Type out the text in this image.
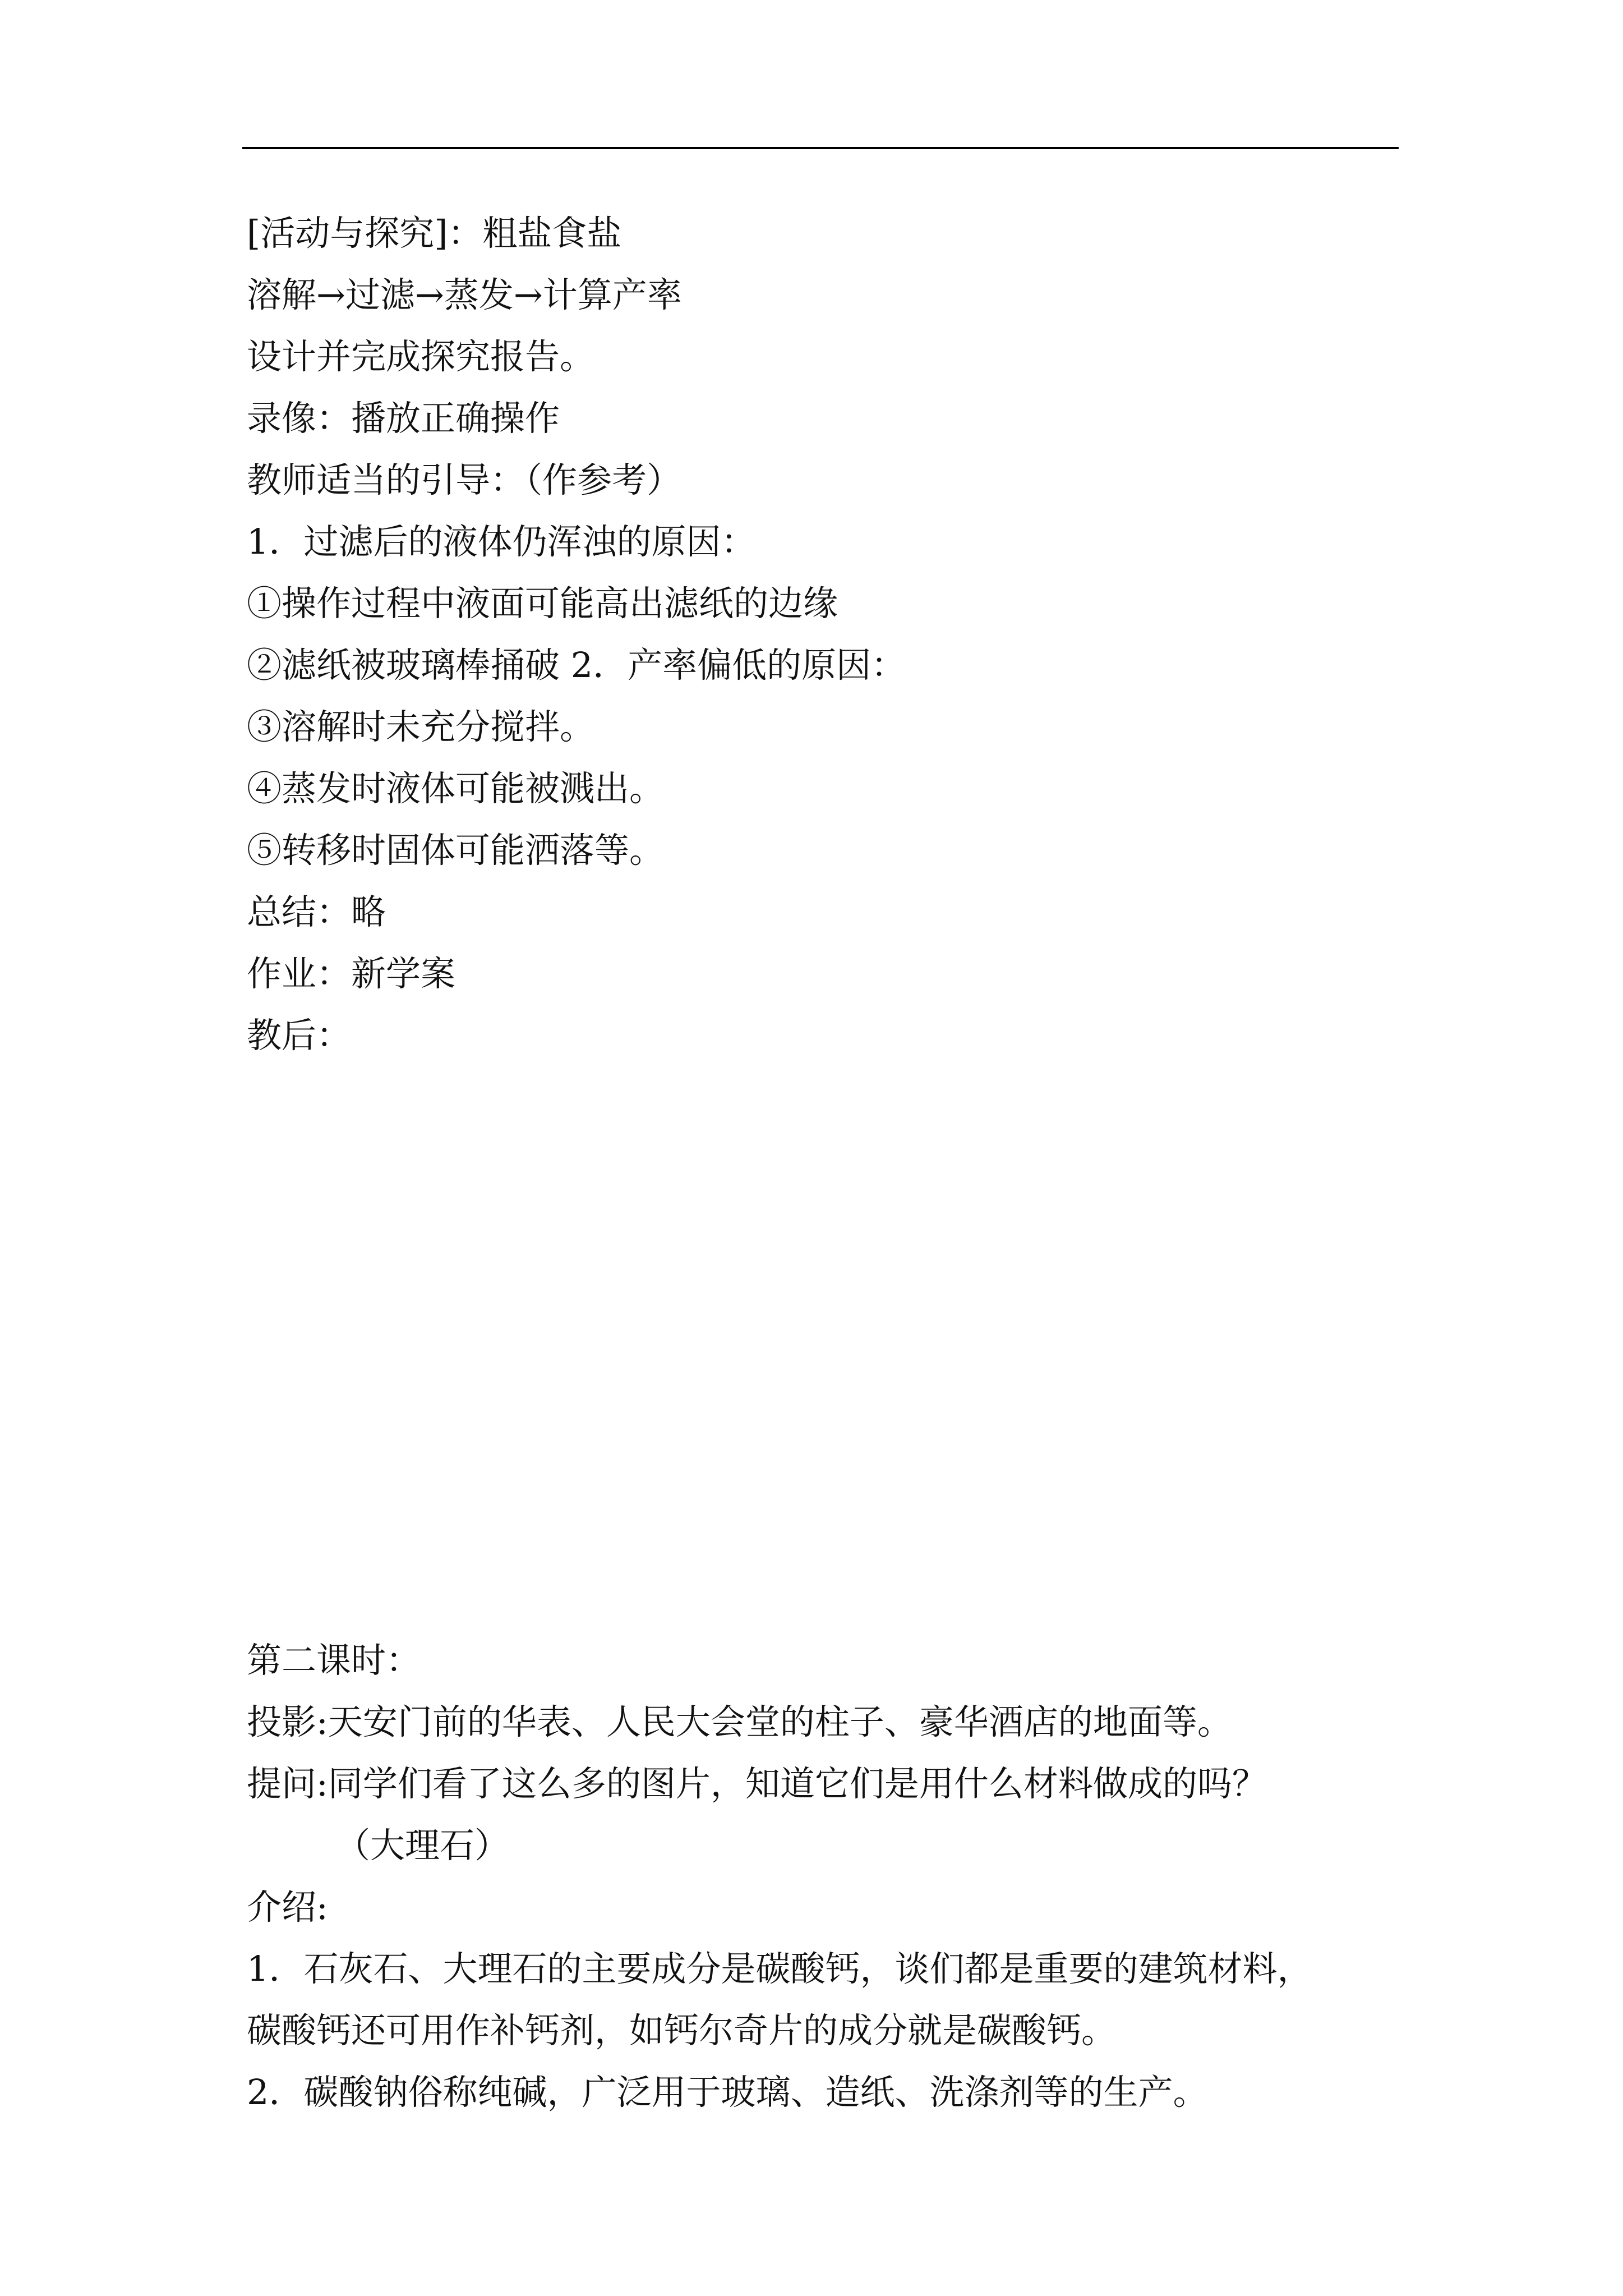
[活动与探究]：粗盐食盐
溶解→过滤→蒸发→计算产率
设计并完成探究报告。
录像：播放正确操作
教师适当的引导：（作参考）
1．过滤后的液体仍浑浊的原因：
①操作过程中液面可能高出滤纸的边缘
②滤纸被玻璃棒捅破 2．产率偏低的原因：
③溶解时未充分搅拌。
④蒸发时液体可能被溅出。
⑤转移时固体可能洒落等。
总结：略
作业：新学案
教后：
第二课时：
投影:天安门前的华表、人民大会堂的柱子、豪华酒店的地面等。
提问:同学们看了这么多的图片，知道它们是用什么材料做成的吗？
（大理石）
介绍:
1．石灰石、大理石的主要成分是碳酸钙，谈们都是重要的建筑材料，
碳酸钙还可用作补钙剂，如钙尔奇片的成分就是碳酸钙。
2．碳酸钠俗称纯碱，广泛用于玻璃、造纸、洗涤剂等的生产。
